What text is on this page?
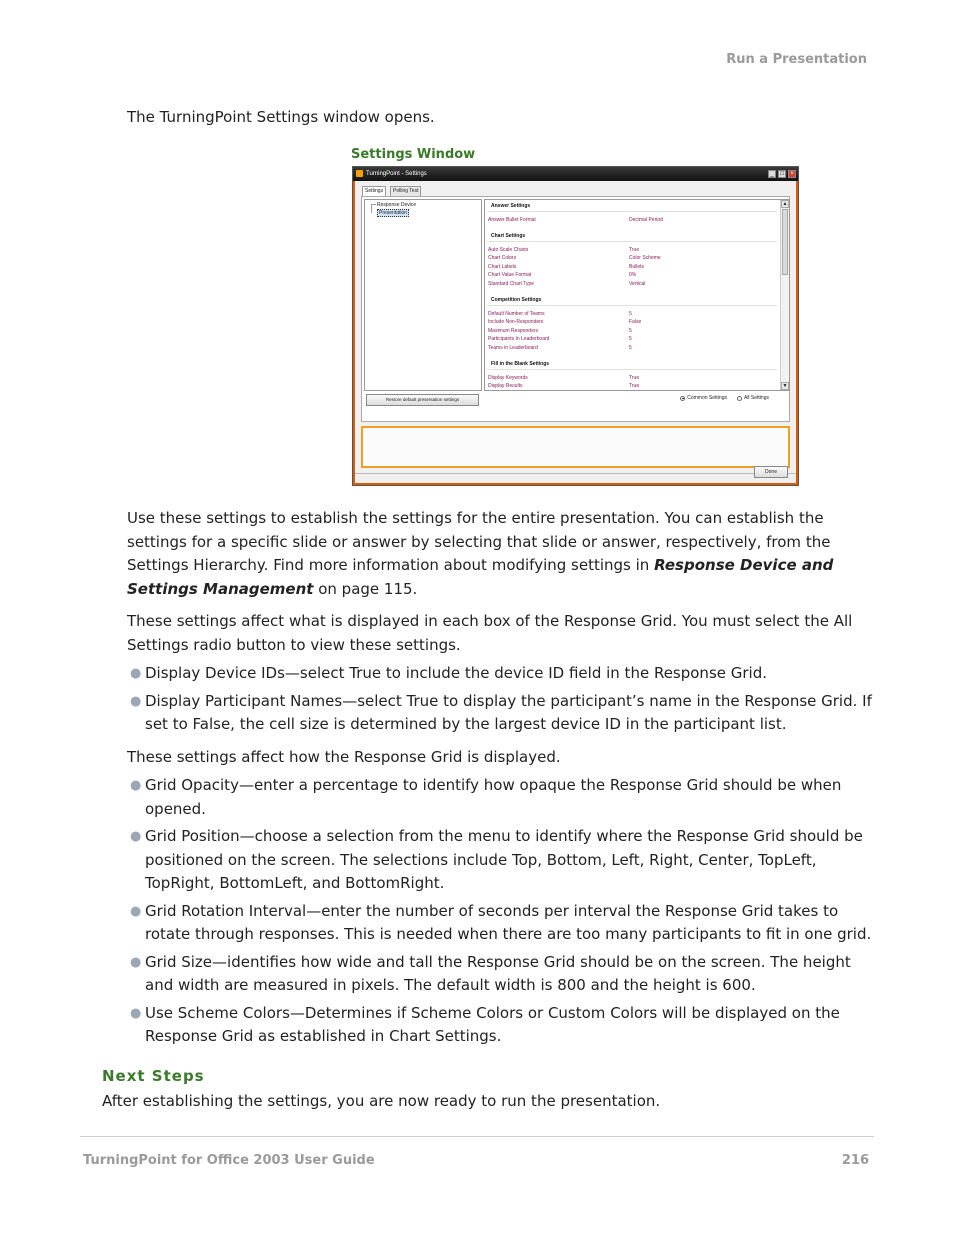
Run a Presentation

The TurningPoint Settings window opens.

Settings Window
TurningPoint - Settings	_	□	×
Settings	Polling Test
Response Device
Presentation
▲
▼
Answer Settings
Answer Bullet Format	Decimal Period
Chart Settings
Auto Scale Charts	True
Chart Colors	Color Scheme
Chart Labels	Bullets
Chart Value Format	0%
Standard Chart Type	Vertical
Competition Settings
Default Number of Teams	5
Include Non-Responders	False
Maximum Responders	5
Participants In Leaderboard	5
Teams in Leaderboard	5
Fill in the Blank Settings
Display Keywords	True
Display Results	True
Restore default presentation settings	Common Settings	All Settings
Done

Use these settings to establish the settings for the entire presentation. You can establish the settings for a specific slide or answer by selecting that slide or answer, respectively, from the Settings Hierarchy. Find more information about modifying settings in Response Device and Settings Management on page 115.

These settings affect what is displayed in each box of the Response Grid. You must select the All Settings radio button to view these settings.

● Display Device IDs—select True to include the device ID field in the Response Grid.
● Display Participant Names—select True to display the participant’s name in the Response Grid. If set to False, the cell size is determined by the largest device ID in the participant list.

These settings affect how the Response Grid is displayed.

● Grid Opacity—enter a percentage to identify how opaque the Response Grid should be when opened.
● Grid Position—choose a selection from the menu to identify where the Response Grid should be positioned on the screen. The selections include Top, Bottom, Left, Right, Center, TopLeft, TopRight, BottomLeft, and BottomRight.
● Grid Rotation Interval—enter the number of seconds per interval the Response Grid takes to rotate through responses. This is needed when there are too many participants to fit in one grid.
● Grid Size—identifies how wide and tall the Response Grid should be on the screen. The height and width are measured in pixels. The default width is 800 and the height is 600.
● Use Scheme Colors—Determines if Scheme Colors or Custom Colors will be displayed on the Response Grid as established in Chart Settings.
Next Steps

After establishing the settings, you are now ready to run the presentation.

TurningPoint for Office 2003 User Guide	216
